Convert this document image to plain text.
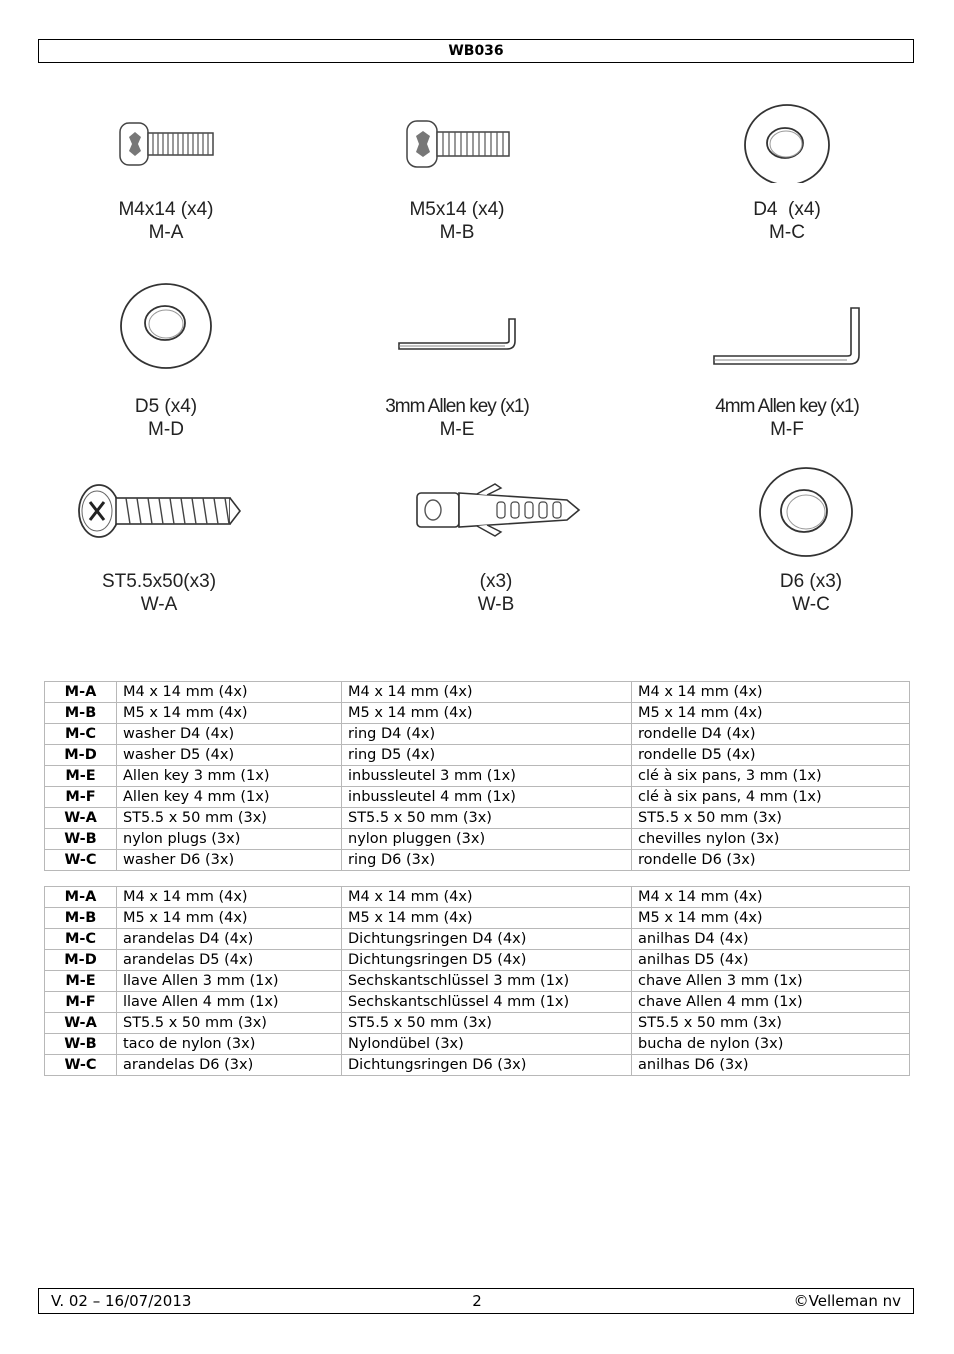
WB036
M4x14 (x4)
M-A
M5x14 (x4)
M-B
D4  (x4)
M-C
D5 (x4)
M-D
3mm Allen key (x1)
M-E
4mm Allen key (x1)
M-F
ST5.5x50(x3)
W-A
(x3)
W-B
D6 (x3)
W-C
M-A	M4 x 14 mm (4x)	M4 x 14 mm (4x)	M4 x 14 mm (4x)
M-B	M5 x 14 mm (4x)	M5 x 14 mm (4x)	M5 x 14 mm (4x)
M-C	washer D4 (4x)	ring D4 (4x)	rondelle D4 (4x)
M-D	washer D5 (4x)	ring D5 (4x)	rondelle D5 (4x)
M-E	Allen key 3 mm (1x)	inbussleutel 3 mm (1x)	clé à six pans, 3 mm (1x)
M-F	Allen key 4 mm (1x)	inbussleutel 4 mm (1x)	clé à six pans, 4 mm (1x)
W-A	ST5.5 x 50 mm (3x)	ST5.5 x 50 mm (3x)	ST5.5 x 50 mm (3x)
W-B	nylon plugs (3x)	nylon pluggen (3x)	chevilles nylon (3x)
W-C	washer D6 (3x)	ring D6 (3x)	rondelle D6 (3x)
M-A	M4 x 14 mm (4x)	M4 x 14 mm (4x)	M4 x 14 mm (4x)
M-B	M5 x 14 mm (4x)	M5 x 14 mm (4x)	M5 x 14 mm (4x)
M-C	arandelas D4 (4x)	Dichtungsringen D4 (4x)	anilhas D4 (4x)
M-D	arandelas D5 (4x)	Dichtungsringen D5 (4x)	anilhas D5 (4x)
M-E	llave Allen 3 mm (1x)	Sechskantschlüssel 3 mm (1x)	chave Allen 3 mm (1x)
M-F	llave Allen 4 mm (1x)	Sechskantschlüssel 4 mm (1x)	chave Allen 4 mm (1x)
W-A	ST5.5 x 50 mm (3x)	ST5.5 x 50 mm (3x)	ST5.5 x 50 mm (3x)
W-B	taco de nylon (3x)	Nylondübel (3x)	bucha de nylon (3x)
W-C	arandelas D6 (3x)	Dichtungsringen D6 (3x)	anilhas D6 (3x)
V. 02 – 16/07/2013	2	©Velleman nv
